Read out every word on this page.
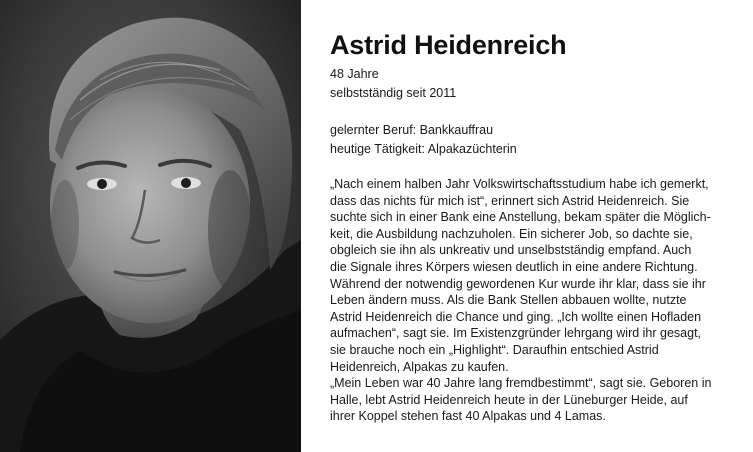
Astrid Heidenreich

48 Jahre

selbstständig seit 2011

gelernter Beruf: Bankkauffrau

heutige Tätigkeit: Alpakazüchterin

„Nach einem halben Jahr Volkswirtschaftsstudium habe ich gemerkt,

dass das nichts für mich ist“, erinnert sich Astrid Heidenreich. Sie

suchte sich in einer Bank eine Anstellung, bekam später die Möglich-

keit, die Ausbildung nachzuholen. Ein sicherer Job, so dachte sie,

obgleich sie ihn als unkreativ und unselbstständig empfand. Auch

die Signale ihres Körpers wiesen deutlich in eine andere Richtung.

Während der notwendig gewordenen Kur wurde ihr klar, dass sie ihr

Leben ändern muss. Als die Bank Stellen abbauen wollte, nutzte

Astrid Heidenreich die Chance und ging. „Ich wollte einen Hofladen

aufmachen“, sagt sie. Im Existenzgründer lehrgang wird ihr gesagt,

sie brauche noch ein „Highlight“. Daraufhin entschied Astrid

Heidenreich, Alpakas zu kaufen.

„Mein Leben war 40 Jahre lang fremdbestimmt“, sagt sie. Geboren in

Halle, lebt Astrid Heidenreich heute in der Lüneburger Heide, auf

ihrer Koppel stehen fast 40 Alpakas und 4 Lamas.
